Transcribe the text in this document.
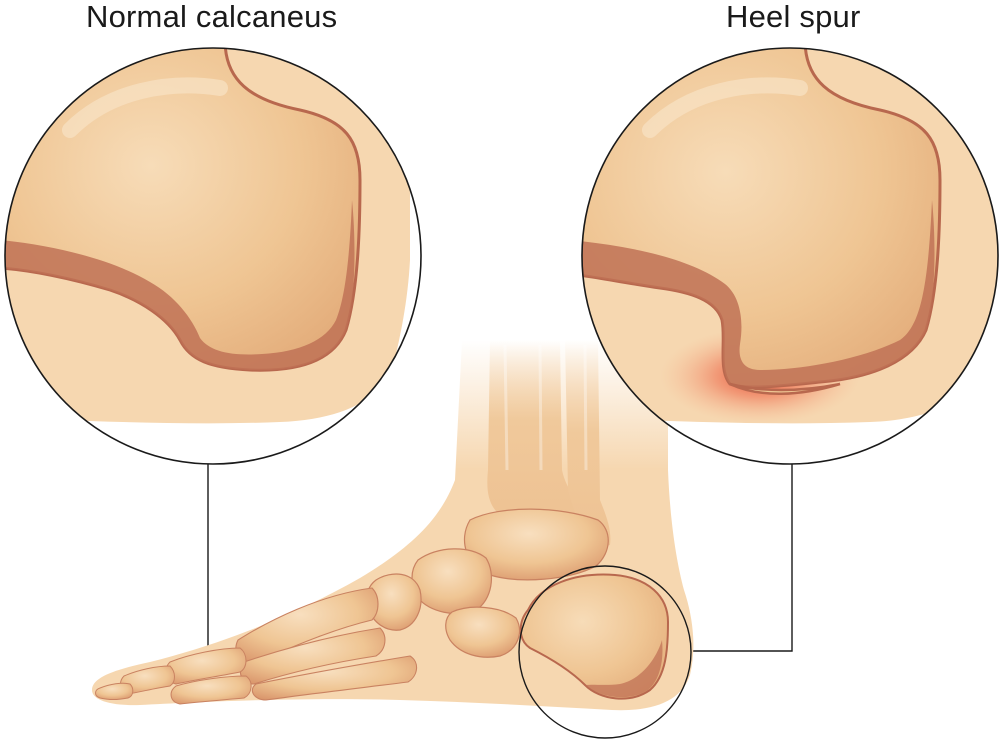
Normal calcaneus	Heel spur
